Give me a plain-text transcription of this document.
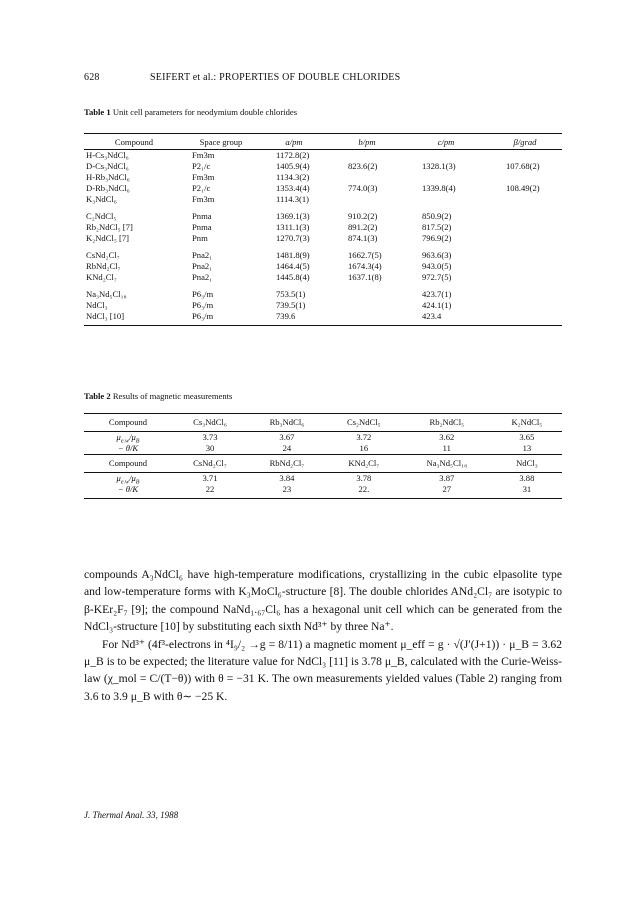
628	SEIFERT et al.: PROPERTIES OF DOUBLE CHLORIDES
Table 1 Unit cell parameters for neodymium double chlorides
Compound	Space group	a/pm	b/pm	c/pm	β/grad
H-Cs₃NdCl₆	Fm3m	1172.8(2)			
D-Cs₃NdCl₆	P2₁/c	1405.9(4)	823.6(2)	1328.1(3)	107.68(2)
H-Rb₃NdCl₆	Fm3m	1134.3(2)			
D-Rb₃NdCl₆	P2₁/c	1353.4(4)	774.0(3)	1339.8(4)	108.49(2)
K₃NdCl₆	Fm3m	1114.3(1)			
C₂NdCl₅	Pnma	1369.1(3)	910.2(2)	850.9(2)	
Rb₂NdCl₅ [7]	Pnma	1311.1(3)	891.2(2)	817.5(2)	
K₂NdCl₅ [7]	Pnm	1270.7(3)	874.1(3)	796.9(2)	
CsNd₂Cl₇	Pna2₁	1481.8(9)	1662.7(5)	963.6(3)	
RbNd₂Cl₇	Pna2₁	1464.4(5)	1674.3(4)	943.0(5)	
KNd₂Cl₇	Pna2₁	1445.8(4)	1637.1(8)	972.7(5)	
Na₃Nd₅Cl₁₈	P6₃/m	753.5(1)		423.7(1)	
NdCl₃	P6₃/m	739.5(1)		424.1(1)	
NdCl₃ [10]	P6₃/m	739.6		423.4	
Table 2 Results of magnetic measurements
Compound	Cs₃NdCl₆	Rb₃NdCl₆	Cs₂NdCl₅	Rb₂NdCl₅	K₂NdCl₅
$\mu_{e.w}/\mu_B$	3.73	3.67	3.72	3.62	3.65
− θ/K	30	24	16	11	13
Compound	CsNd₂Cl₇	RbNd₂Cl₇	KNd₂Cl₇	Na₃Nd₅Cl₁₈	NdCl₃
$\mu_{e.w}/\mu_B$	3.71	3.84	3.78	3.87	3.88
− θ/K	22	23	22.	27	31

compounds A₃NdCl₆ have high-temperature modifications, crystallizing in the cubic elpasolite type and low-temperature forms with K₃MoCl₆-structure [8]. The double chlorides ANd₂Cl₇ are isotypic to β-KEr₂F₇ [9]; the compound NaNd₁.₆₇Cl₆ has a hexagonal unit cell which can be generated from the NdCl₃-structure [10] by substituting each sixth Nd³⁺ by three Na⁺.

For Nd³⁺ (4f³-electrons in ⁴I₉/₂ →g = 8/11) a magnetic moment μ_eff = g · √(J′(J+1)) · μ_B = 3.62 μ_B is to be expected; the literature value for NdCl₃ [11] is 3.78 μ_B, calculated with the Curie-Weiss-law (χ_mol = C/(T−θ)) with θ = −31 K. The own measurements yielded values (Table 2) ranging from 3.6 to 3.9 μ_B with θ∼ −25 K.

J. Thermal Anal. 33, 1988
